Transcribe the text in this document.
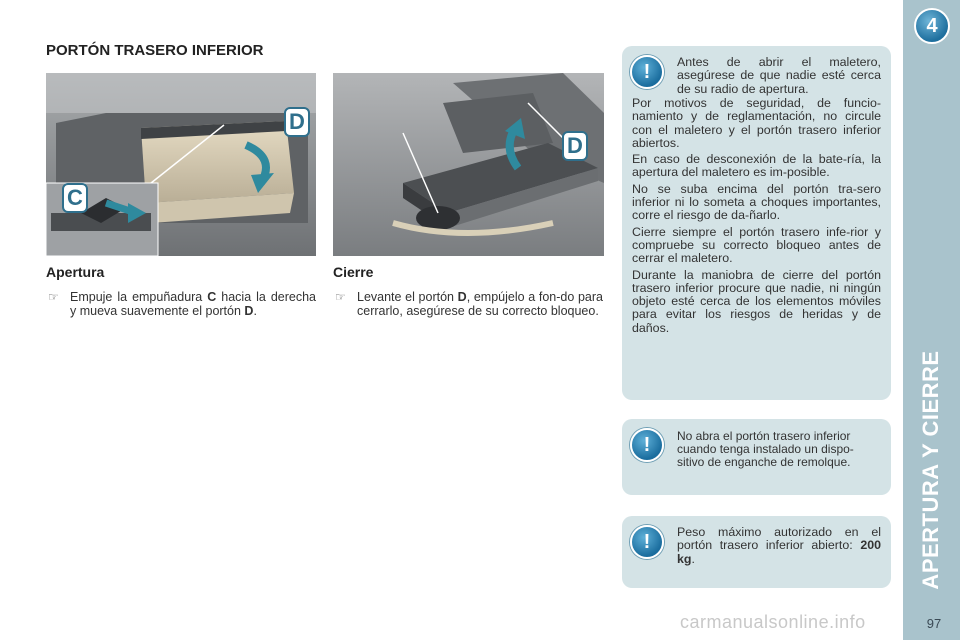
4
APERTURA Y CIERRE
97
PORTÓN TRASERO INFERIOR
D
C
D
Apertura
☞ Empuje la empuñadura C hacia la derecha y mueva suavemente el portón D.
Cierre
☞ Levante el portón D, empújelo a fon-do para cerrarlo, asegúrese de su correcto bloqueo.
!	Antes de abrir el maletero, asegúrese de que nadie esté cerca de su radio de apertura.

Por motivos de seguridad, de funcio-namiento y de reglamentación, no circule con el maletero y el portón trasero inferior abiertos.

En caso de desconexión de la bate-ría, la apertura del maletero es im-posible.

No se suba encima del portón tra-sero inferior ni lo someta a choques importantes, corre el riesgo de da-ñarlo.

Cierre siempre el portón trasero infe-rior y compruebe su correcto bloqueo antes de cerrar el maletero.

Durante la maniobra de cierre del portón trasero inferior procure que nadie, ni ningún objeto esté cerca de los elementos móviles para evitar los riesgos de heridas y de daños.

!	No abra el portón trasero inferior cuando tenga instalado un dispo-sitivo de enganche de remolque.
!	Peso máximo autorizado en el portón trasero inferior abierto: 200 kg.
carmanualsonline.info
